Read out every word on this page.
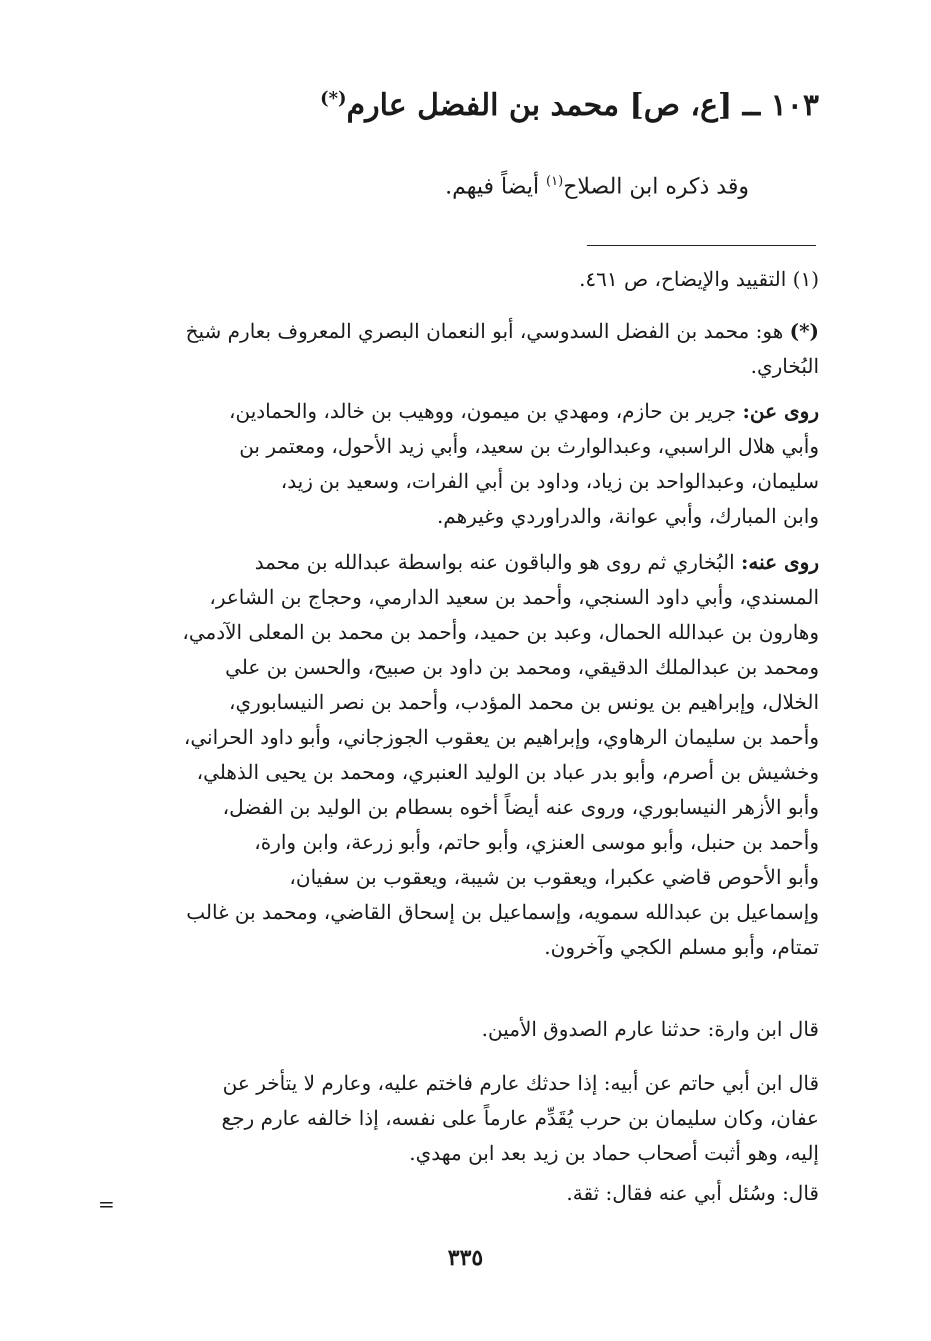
١٠٣ ــ [ع، ص] محمد بن الفضل عارم(*)
وقد ذكره ابن الصلاح$^{(١)}$ أيضاً فيهم.
(١) التقييد والإيضاح، ص ٤٦١.
(*) هو: محمد بن الفضل السدوسي، أبو النعمان البصري المعروف بعارم شيخ
البُخاري.
روى عن: جرير بن حازم، ومهدي بن ميمون، ووهيب بن خالد، والحمادين،
وأبي هلال الراسبي، وعبدالوارث بن سعيد، وأبي زيد الأحول، ومعتمر بن
سليمان، وعبدالواحد بن زياد، وداود بن أبي الفرات، وسعيد بن زيد،
وابن المبارك، وأبي عوانة، والدراوردي وغيرهم.
روى عنه: البُخاري ثم روى هو والباقون عنه بواسطة عبدالله بن محمد
المسندي، وأبي داود السنجي، وأحمد بن سعيد الدارمي، وحجاج بن الشاعر،
وهارون بن عبدالله الحمال، وعبد بن حميد، وأحمد بن محمد بن المعلى الآدمي،
ومحمد بن عبدالملك الدقيقي، ومحمد بن داود بن صبيح، والحسن بن علي
الخلال، وإبراهيم بن يونس بن محمد المؤدب، وأحمد بن نصر النيسابوري،
وأحمد بن سليمان الرهاوي، وإبراهيم بن يعقوب الجوزجاني، وأبو داود الحراني،
وخشيش بن أصرم، وأبو بدر عباد بن الوليد العنبري، ومحمد بن يحيى الذهلي،
وأبو الأزهر النيسابوري، وروى عنه أيضاً أخوه بسطام بن الوليد بن الفضل،
وأحمد بن حنبل، وأبو موسى العنزي، وأبو حاتم، وأبو زرعة، وابن وارة،
وأبو الأحوص قاضي عكبرا، ويعقوب بن شيبة، ويعقوب بن سفيان،
وإسماعيل بن عبدالله سمويه، وإسماعيل بن إسحاق القاضي، ومحمد بن غالب
تمتام، وأبو مسلم الكجي وآخرون.
قال ابن وارة: حدثنا عارم الصدوق الأمين.
قال ابن أبي حاتم عن أبيه: إذا حدثك عارم فاختم عليه، وعارم لا يتأخر عن
عفان، وكان سليمان بن حرب يُقَدِّم عارماً على نفسه، إذا خالفه عارم رجع
إليه، وهو أثبت أصحاب حماد بن زيد بعد ابن مهدي.
قال: وسُئل أبي عنه فقال: ثقة.
=
٣٣٥
